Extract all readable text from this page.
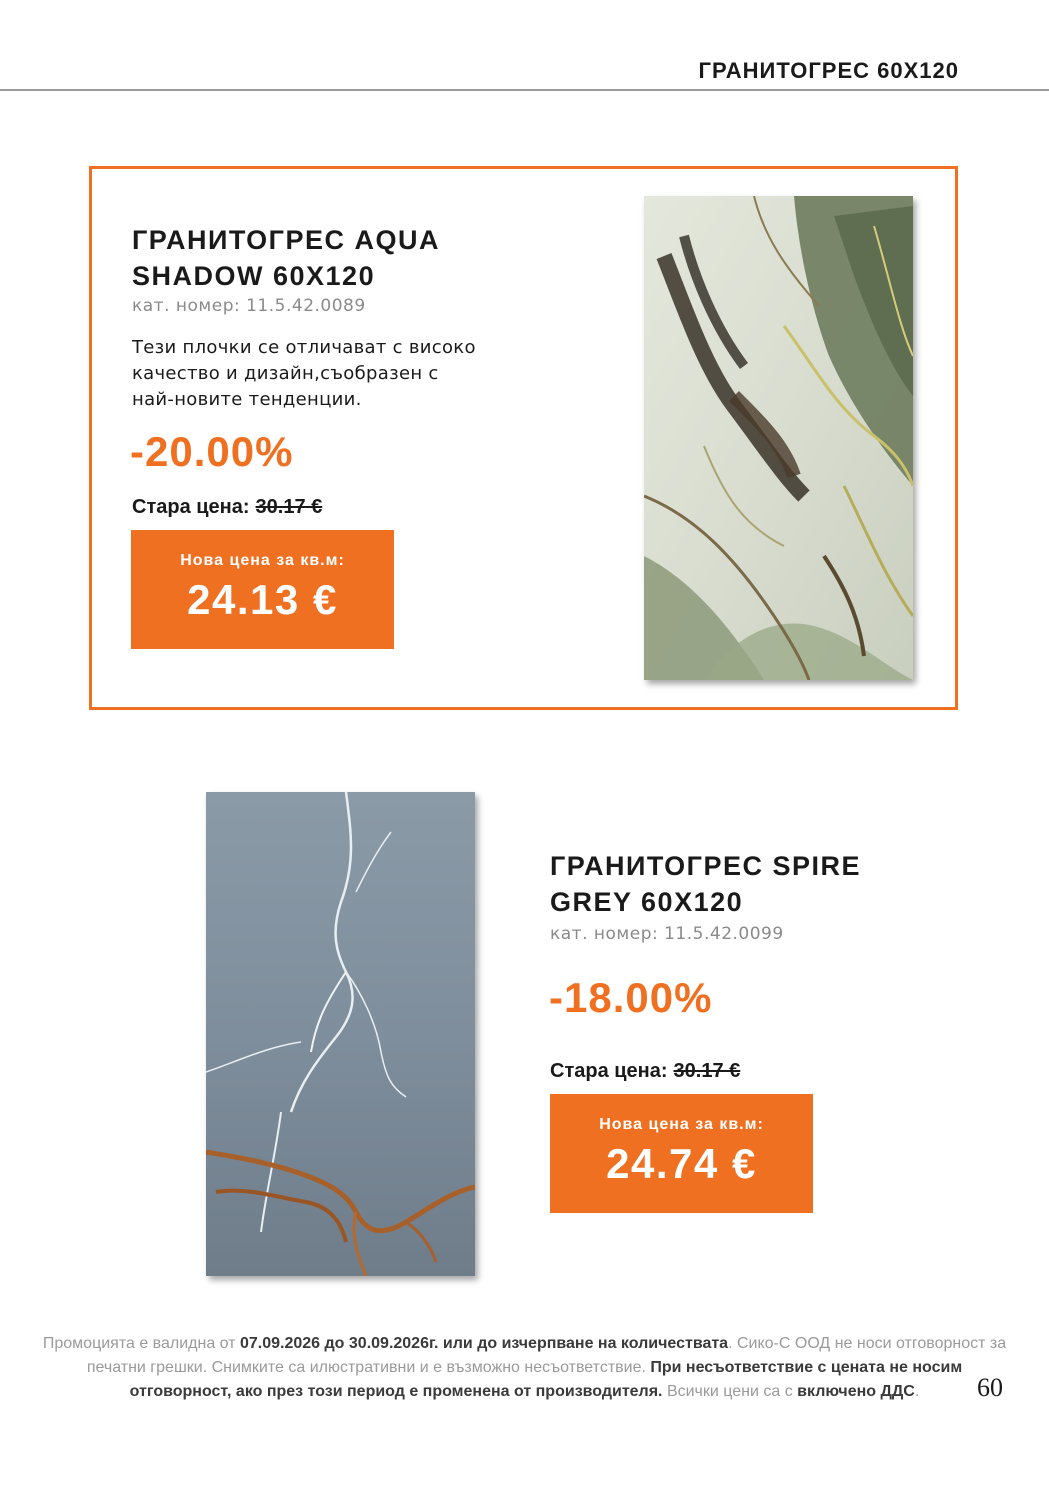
ГРАНИТОГРЕС 60Х120
ГРАНИТОГРЕС AQUA
SHADOW 60X120
кат. номер: 11.5.42.0089
Тези плочки се отличават с високо
качество и дизайн,съобразен с
най-новите тенденции.
-20.00%
Стара цена: 30.17 €
Нова цена за кв.м:
24.13 €
ГРАНИТОГРЕС SPIRE
GREY 60X120
кат. номер: 11.5.42.0099
-18.00%
Стара цена: 30.17 €
Нова цена за кв.м:
24.74 €
Промоцията е валидна от 07.09.2026 до 30.09.2026г. или до изчерпване на количествата. Сико-С ООД не носи отговорност за печатни грешки. Снимките са илюстративни и е възможно несъответствие. При несъответствие с цената не носим отговорност, ако през този период е променена от производителя. Всички цени са с включено ДДС.	60
